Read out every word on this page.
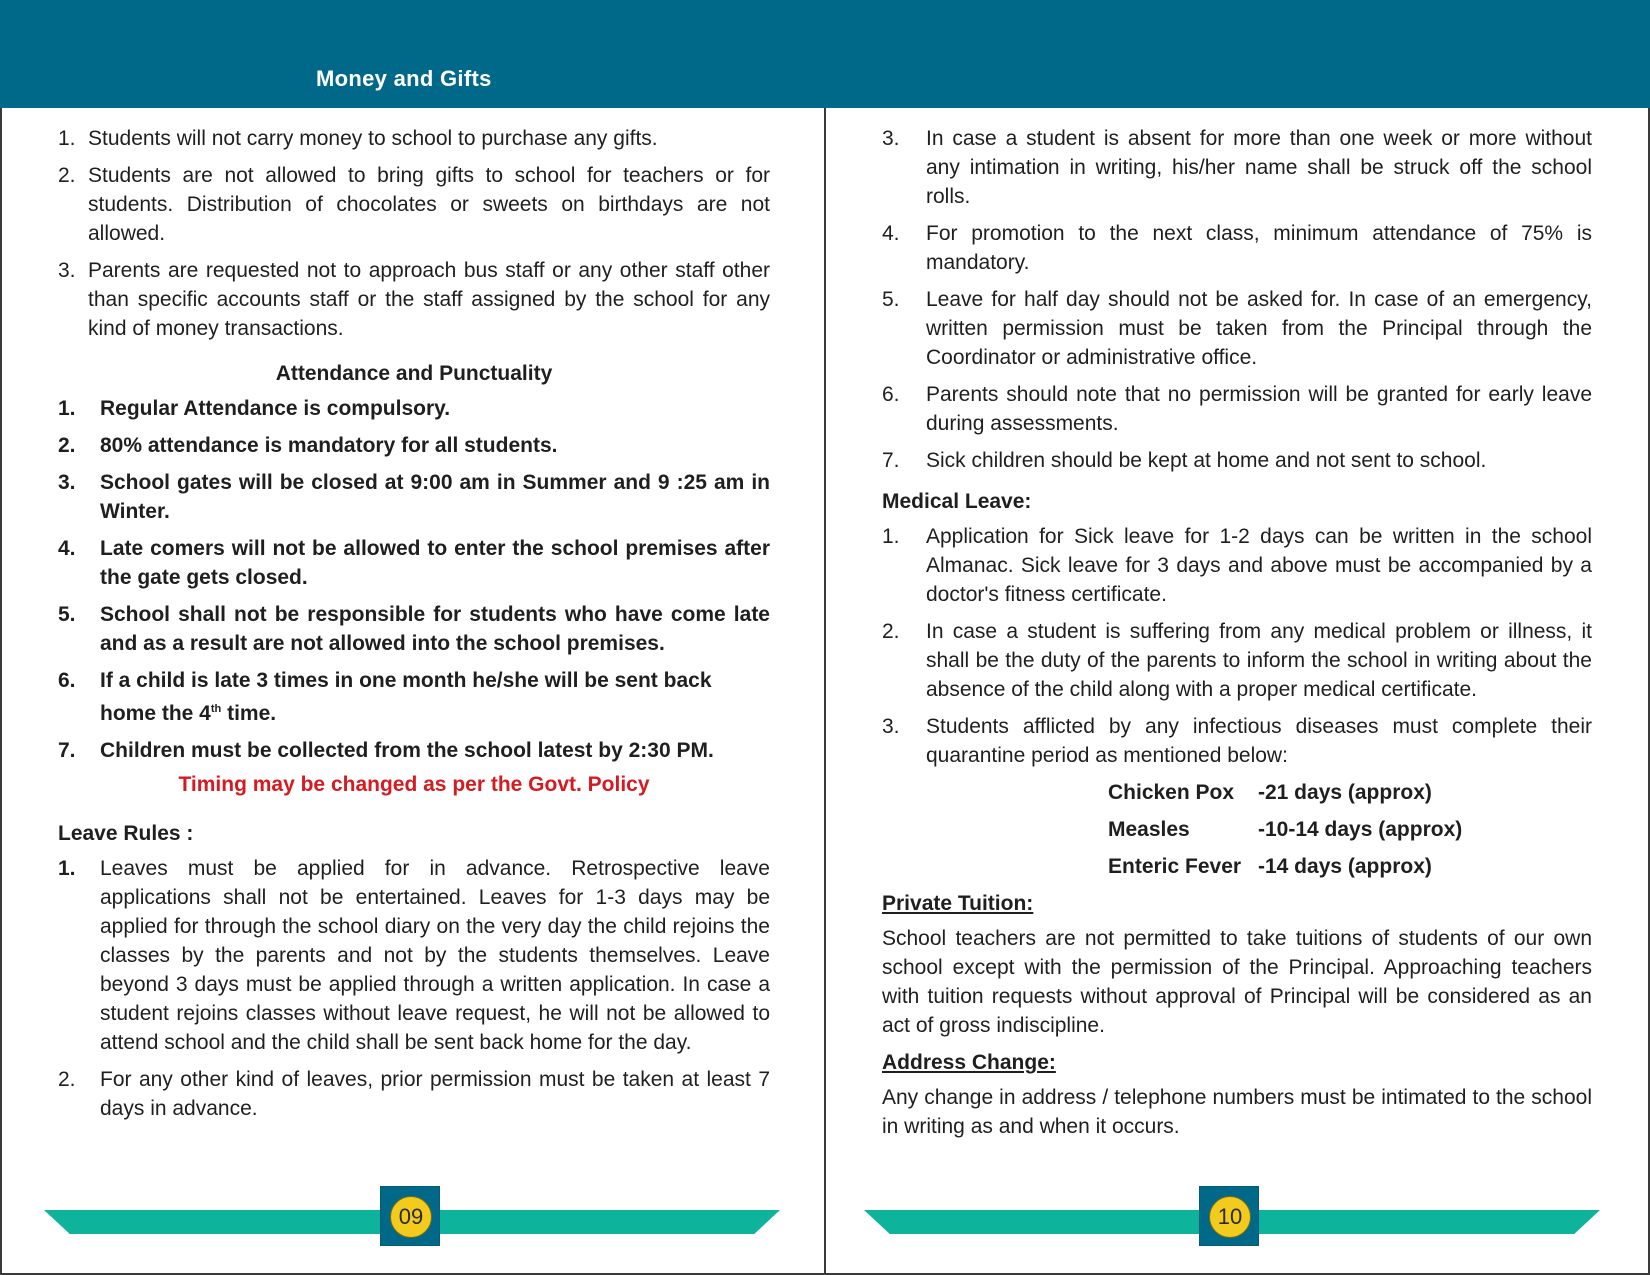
Money and Gifts
1. Students will not carry money to school to purchase any gifts.
2. Students are not allowed to bring gifts to school for teachers or for students. Distribution of chocolates or sweets on birthdays are not allowed.
3. Parents are requested not to approach bus staff or any other staff other than specific accounts staff or the staff assigned by the school for any kind of money transactions.
Attendance and Punctuality
1.	Regular Attendance is compulsory.
2.	80% attendance is mandatory for all students.
3.	School gates will be closed at 9:00 am in Summer and 9 :25 am in Winter.
4.	Late comers will not be allowed to enter the school premises after the gate gets closed.
5.	School shall not be responsible for students who have come late and as a result are not allowed into the school premises.
6.	If a child is late 3 times in one month he/she will be sent back home the 4th time.
7.	Children must be collected from the school latest by 2:30 PM.
Timing may be changed as per the Govt. Policy
Leave Rules :
1.	Leaves must be applied for in advance. Retrospective leave applications shall not be entertained. Leaves for 1-3 days may be applied for through the school diary on the very day the child rejoins the classes by the parents and not by the students themselves. Leave beyond 3 days must be applied through a written application. In case a student rejoins classes without leave request, he will not be allowed to attend school and the child shall be sent back home for the day.
2.	For any other kind of leaves, prior permission must be taken at least 7 days in advance.
3.	In case a student is absent for more than one week or more without any intimation in writing, his/her name shall be struck off the school rolls.
4.	For promotion to the next class, minimum attendance of 75% is mandatory.
5.	Leave for half day should not be asked for. In case of an emergency, written permission must be taken from the Principal through the Coordinator or administrative office.
6.	Parents should note that no permission will be granted for early leave during assessments.
7.	Sick children should be kept at home and not sent to school.
Medical Leave:
1.	Application for Sick leave for 1-2 days can be written in the school Almanac. Sick leave for 3 days and above must be accompanied by a doctor's fitness certificate.
2.	In case a student is suffering from any medical problem or illness, it shall be the duty of the parents to inform the school in writing about the absence of the child along with a proper medical certificate.
3.	Students afflicted by any infectious diseases must complete their quarantine period as mentioned below:
Chicken Pox	-21 days (approx)
Measles	-10-14 days (approx)
Enteric Fever -14 days (approx)
Private Tuition:
School teachers are not permitted to take tuitions of students of our own school except with the permission of the Principal. Approaching teachers with tuition requests without approval of Principal will be considered as an act of gross indiscipline.
Address Change:
Any change in address / telephone numbers must be intimated to the school in writing as and when it occurs.
09	10
